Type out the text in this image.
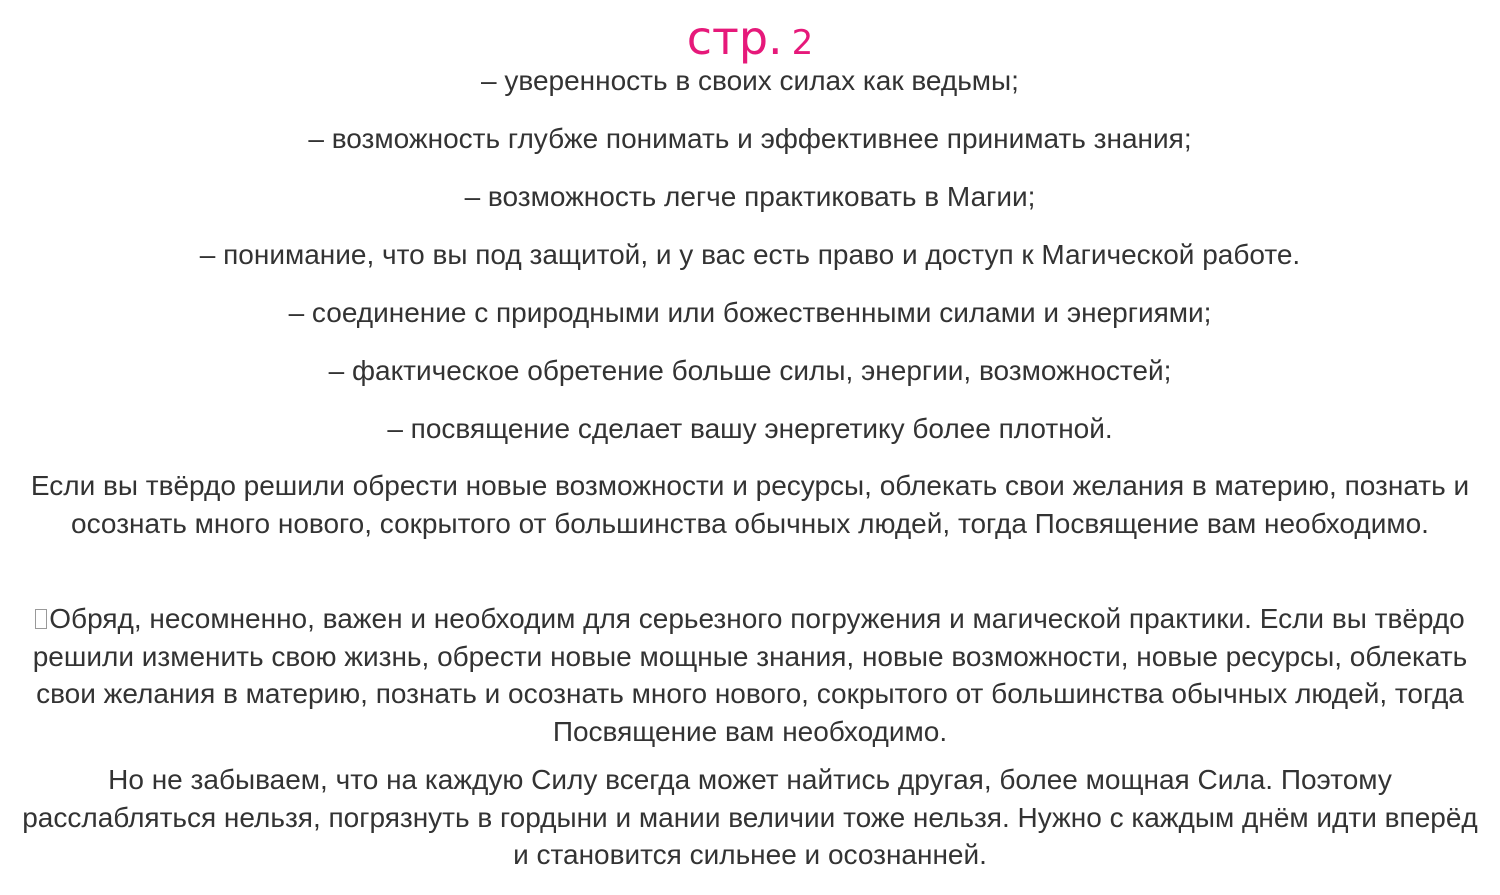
стр. 2
– уверенность в своих силах как ведьмы;
– возможность глубже понимать и эффективнее принимать знания;
– возможность легче практиковать в Магии;
– понимание, что вы под защитой, и у вас есть право и доступ к Магической работе.
– соединение с природными или божественными силами и энергиями;
– фактическое обретение больше силы, энергии, возможностей;
– посвящение сделает вашу энергетику более плотной.

Если вы твёрдо решили обрести новые возможности и ресурсы, облекать свои желания в материю, познать и осознать много нового, сокрытого от большинства обычных людей, тогда Посвящение вам необходимо.

Обряд, несомненно, важен и необходим для серьезного погружения и магической практики. Если вы твёрдо решили изменить свою жизнь, обрести новые мощные знания, новые возможности, новые ресурсы, облекать свои желания в материю, познать и осознать много нового, сокрытого от большинства обычных людей, тогда Посвящение вам необходимо.

Но не забываем, что на каждую Силу всегда может найтись другая, более мощная Сила. Поэтому расслабляться нельзя, погрязнуть в гордыни и мании величии тоже нельзя. Нужно с каждым днём идти вперёд и становится сильнее и осознанней.
